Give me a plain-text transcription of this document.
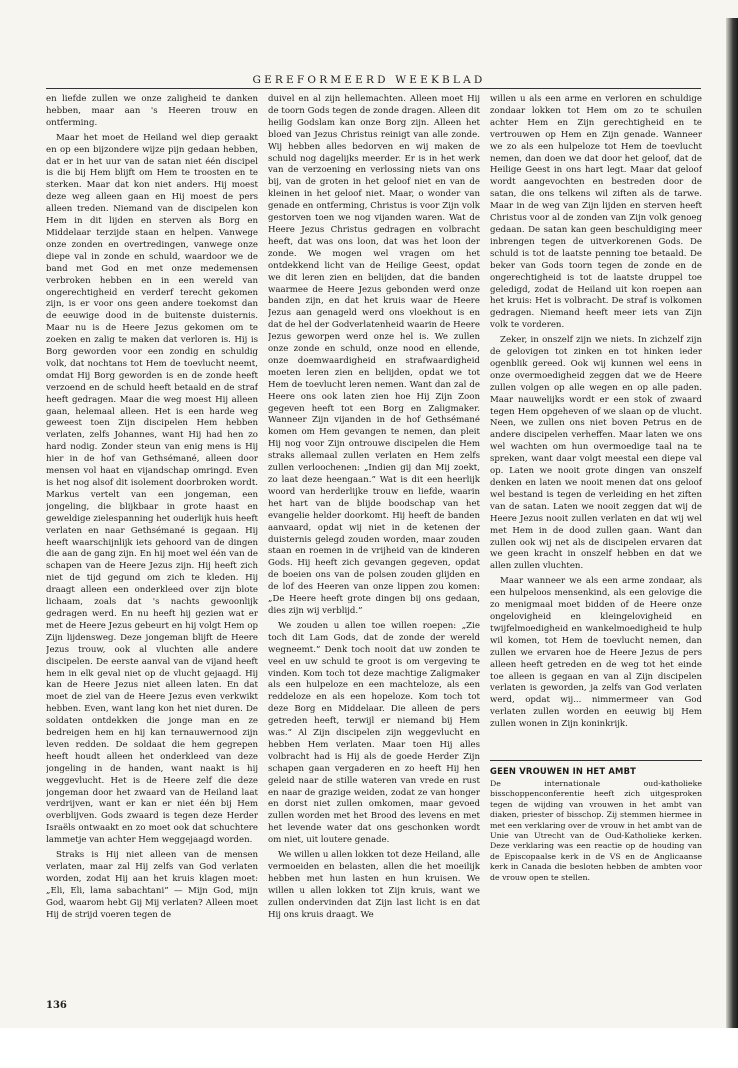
GEREFORMEERD WEEKBLAD

en liefde zullen we onze zaligheid te danken hebben, maar aan 's Heeren trouw en ontferming.

Maar het moet de Heiland wel diep geraakt en op een bijzondere wijze pijn gedaan hebben, dat er in het uur van de satan niet één discipel is die bij Hem blijft om Hem te troosten en te sterken. Maar dat kon niet anders. Hij moest deze weg alleen gaan en Hij moest de pers alleen treden. Niemand van de discipelen kon Hem in dit lijden en sterven als Borg en Middelaar terzijde staan en helpen. Vanwege onze zonden en overtredingen, vanwege onze diepe val in zonde en schuld, waardoor we de band met God en met onze medemensen verbroken hebben en in een wereld van ongerechtigheid en verderf terecht gekomen zijn, is er voor ons geen andere toekomst dan de eeuwige dood in de buitenste duisternis. Maar nu is de Heere Jezus gekomen om te zoeken en zalig te maken dat verloren is. Hij is Borg geworden voor een zondig en schuldig volk, dat nochtans tot Hem de toevlucht neemt, omdat Hij Borg geworden is en de zonde heeft verzoend en de schuld heeft betaald en de straf heeft gedragen. Maar die weg moest Hij alleen gaan, helemaal alleen. Het is een harde weg geweest toen Zijn discipelen Hem hebben verlaten, zelfs Johannes, want Hij had hen zo hard nodig. Zonder steun van enig mens is Hij hier in de hof van Gethsémané, alleen door mensen vol haat en vijandschap omringd. Even is het nog alsof dit isolement doorbroken wordt. Markus vertelt van een jongeman, een jongeling, die blijkbaar in grote haast en geweldige zielespanning het ouderlijk huis heeft verlaten en naar Gethsémané is gegaan. Hij heeft waarschijnlijk iets gehoord van de dingen die aan de gang zijn. En hij moet wel één van de schapen van de Heere Jezus zijn. Hij heeft zich niet de tijd gegund om zich te kleden. Hij draagt alleen een onderkleed over zijn blote lichaam, zoals dat 's nachts gewoonlijk gedragen werd. En nu heeft hij gezien wat er met de Heere Jezus gebeurt en hij volgt Hem op Zijn lijdensweg. Deze jongeman blijft de Heere Jezus trouw, ook al vluchten alle andere discipelen. De eerste aanval van de vijand heeft hem in elk geval niet op de vlucht gejaagd. Hij kan de Heere Jezus niet alleen laten. En dat moet de ziel van de Heere Jezus even verkwikt hebben. Even, want lang kon het niet duren. De soldaten ontdekken die jonge man en ze bedreigen hem en hij kan ternauwernood zijn leven redden. De soldaat die hem gegrepen heeft houdt alleen het onderkleed van deze jongeling in de handen, want naakt is hij weggevlucht. Het is de Heere zelf die deze jongeman door het zwaard van de Heiland laat verdrijven, want er kan er niet één bij Hem overblijven. Gods zwaard is tegen deze Herder Israëls ontwaakt en zo moet ook dat schuchtere lammetje van achter Hem weggejaagd worden.

Straks is Hij niet alleen van de mensen verlaten, maar zal Hij zelfs van God verlaten worden, zodat Hij aan het kruis klagen moet: „Eli, Eli, lama sabachtani” — Mijn God, mijn God, waarom hebt Gij Mij verlaten? Alleen moet Hij de strijd voeren tegen de

duivel en al zijn hellemachten. Alleen moet Hij de toorn Gods tegen de zonde dragen. Alleen dit heilig Godslam kan onze Borg zijn. Alleen het bloed van Jezus Christus reinigt van alle zonde. Wij hebben alles bedorven en wij maken de schuld nog dagelijks meerder. Er is in het werk van de verzoening en verlossing niets van ons bij, van de groten in het geloof niet en van de kleinen in het geloof niet. Maar, o wonder van genade en ontferming, Christus is voor Zijn volk gestorven toen we nog vijanden waren. Wat de Heere Jezus Christus gedragen en volbracht heeft, dat was ons loon, dat was het loon der zonde. We mogen wel vragen om het ontdekkend licht van de Heilige Geest, opdat we dit leren zien en belijden, dat die banden waarmee de Heere Jezus gebonden werd onze banden zijn, en dat het kruis waar de Heere Jezus aan genageld werd ons vloekhout is en dat de hel der Godverlatenheid waarin de Heere Jezus geworpen werd onze hel is. We zullen onze zonde en schuld, onze nood en ellende, onze doemwaardigheid en strafwaardigheid moeten leren zien en belijden, opdat we tot Hem de toevlucht leren nemen. Want dan zal de Heere ons ook laten zien hoe Hij Zijn Zoon gegeven heeft tot een Borg en Zaligmaker. Wanneer Zijn vijanden in de hof Gethsémané komen om Hem gevangen te nemen, dan pleit Hij nog voor Zijn ontrouwe discipelen die Hem straks allemaal zullen verlaten en Hem zelfs zullen verloochenen: „Indien gij dan Mij zoekt, zo laat deze heengaan.” Wat is dit een heerlijk woord van herderlijke trouw en liefde, waarin het hart van de blijde boodschap van het evangelie helder doorkomt. Hij heeft de banden aanvaard, opdat wij niet in de ketenen der duisternis gelegd zouden worden, maar zouden staan en roemen in de vrijheid van de kinderen Gods. Hij heeft zich gevangen gegeven, opdat de boeien ons van de polsen zouden glijden en de lof des Heeren van onze lippen zou komen: „De Heere heeft grote dingen bij ons gedaan, dies zijn wij verblijd.”

We zouden u allen toe willen roepen: „Zie toch dit Lam Gods, dat de zonde der wereld wegneemt.” Denk toch nooit dat uw zonden te veel en uw schuld te groot is om vergeving te vinden. Kom toch tot deze machtige Zaligmaker als een hulpeloze en een machteloze, als een reddeloze en als een hopeloze. Kom toch tot deze Borg en Middelaar. Die alleen de pers getreden heeft, terwijl er niemand bij Hem was.” Al Zijn discipelen zijn weggevlucht en hebben Hem verlaten. Maar toen Hij alles volbracht had is Hij als de goede Herder Zijn schapen gaan vergaderen en zo heeft Hij hen geleid naar de stille wateren van vrede en rust en naar de grazige weiden, zodat ze van honger en dorst niet zullen omkomen, maar gevoed zullen worden met het Brood des levens en met het levende water dat ons geschonken wordt om niet, uit loutere genade.

We willen u allen lokken tot deze Heiland, alle vermoeiden en belasten, allen die het moeilijk hebben met hun lasten en hun kruisen. We willen u allen lokken tot Zijn kruis, want we zullen ondervinden dat Zijn last licht is en dat Hij ons kruis draagt. We

willen u als een arme en verloren en schuldige zondaar lokken tot Hem om zo te schuilen achter Hem en Zijn gerechtigheid en te vertrouwen op Hem en Zijn genade. Wanneer we zo als een hulpeloze tot Hem de toevlucht nemen, dan doen we dat door het geloof, dat de Heilige Geest in ons hart legt. Maar dat geloof wordt aangevochten en bestreden door de satan, die ons telkens wil ziften als de tarwe. Maar in de weg van Zijn lijden en sterven heeft Christus voor al de zonden van Zijn volk genoeg gedaan. De satan kan geen beschuldiging meer inbrengen tegen de uitverkorenen Gods. De schuld is tot de laatste penning toe betaald. De beker van Gods toorn tegen de zonde en de ongerechtigheid is tot de laatste druppel toe geledigd, zodat de Heiland uit kon roepen aan het kruis: Het is volbracht. De straf is volkomen gedragen. Niemand heeft meer iets van Zijn volk te vorderen.

Zeker, in onszelf zijn we niets. In zichzelf zijn de gelovigen tot zinken en tot hinken ieder ogenblik gereed. Ook wij kunnen wel eens in onze overmoedigheid zeggen dat we de Heere zullen volgen op alle wegen en op alle paden. Maar nauwelijks wordt er een stok of zwaard tegen Hem opgeheven of we slaan op de vlucht. Neen, we zullen ons niet boven Petrus en de andere discipelen verheffen. Maar laten we ons wel wachten om hun overmoedige taal na te spreken, want daar volgt meestal een diepe val op. Laten we nooit grote dingen van onszelf denken en laten we nooit menen dat ons geloof wel bestand is tegen de verleiding en het ziften van de satan. Laten we nooit zeggen dat wij de Heere Jezus nooit zullen verlaten en dat wij wel met Hem in de dood zullen gaan. Want dan zullen ook wij net als de discipelen ervaren dat we geen kracht in onszelf hebben en dat we allen zullen vluchten.

Maar wanneer we als een arme zondaar, als een hulpeloos mensenkind, als een gelovige die zo menigmaal moet bidden of de Heere onze ongelovigheid en kleingelovigheid en twijfelmoedigheid en wankelmoedigheid te hulp wil komen, tot Hem de toevlucht nemen, dan zullen we ervaren hoe de Heere Jezus de pers alleen heeft getreden en de weg tot het einde toe alleen is gegaan en van al Zijn discipelen verlaten is geworden, ja zelfs van God verlaten werd, opdat wij... nimmermeer van God verlaten zullen worden en eeuwig bij Hem zullen wonen in Zijn koninkrijk.

GEEN VROUWEN IN HET AMBT

De internationale oud-katholieke bisschoppenconferentie heeft zich uitgesproken tegen de wijding van vrouwen in het ambt van diaken, priester of bisschop. Zij stemmen hiermee in met een verklaring over de vrouw in het ambt van de Unie van Utrecht van de Oud-Katholieke kerken. Deze verklaring was een reactie op de houding van de Episcopaalse kerk in de VS en de Anglicaanse kerk in Canada die besloten hebben de ambten voor de vrouw open te stellen.

136
